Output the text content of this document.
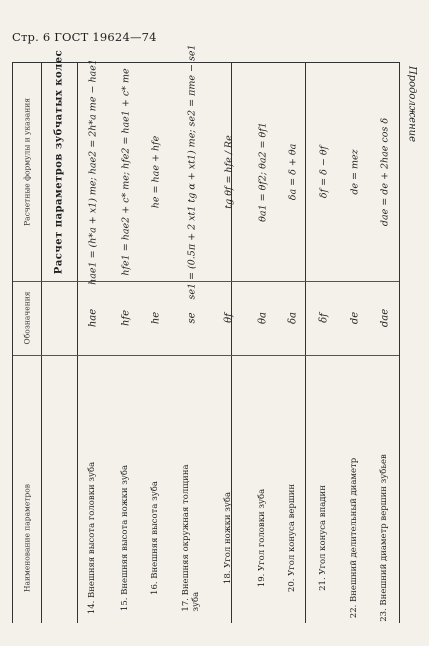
Стр. 6 ГОСТ 19624—74
Продолжение
Расчетные формулы и указания
Обозначения
Наименование параметров
Расчет параметров зубчатых колес hae1 = (h*a + x1) me; hae2 = 2h*a me − hae1
hae
14. Внешняя высота головки зуба
hfe1 = hae2 + c* me; hfe2 = hae1 + c* me
hfe
15. Внешняя высота ножки зуба
he = hae + hfe
he
16. Внешняя высота зуба
se1 = (0.5π + 2 xt1 tg α + xt1) me; se2 = πme − se1
se
17. Внешняя окружная толщина
зуба
tg θf = hfe / Re
θf
18. Угол ножки зуба
θa1 = θf2; θa2 = θf1
θa
19. Угол головки зуба
δa = δ + θa
δa
20. Угол конуса вершин
δf = δ − θf
δf
21. Угол конуса впадин
de = mez
de
22. Внешний делительный диаметр
dae = de + 2hae cos δ
dae
23. Внешний диаметр вершин зубьев
